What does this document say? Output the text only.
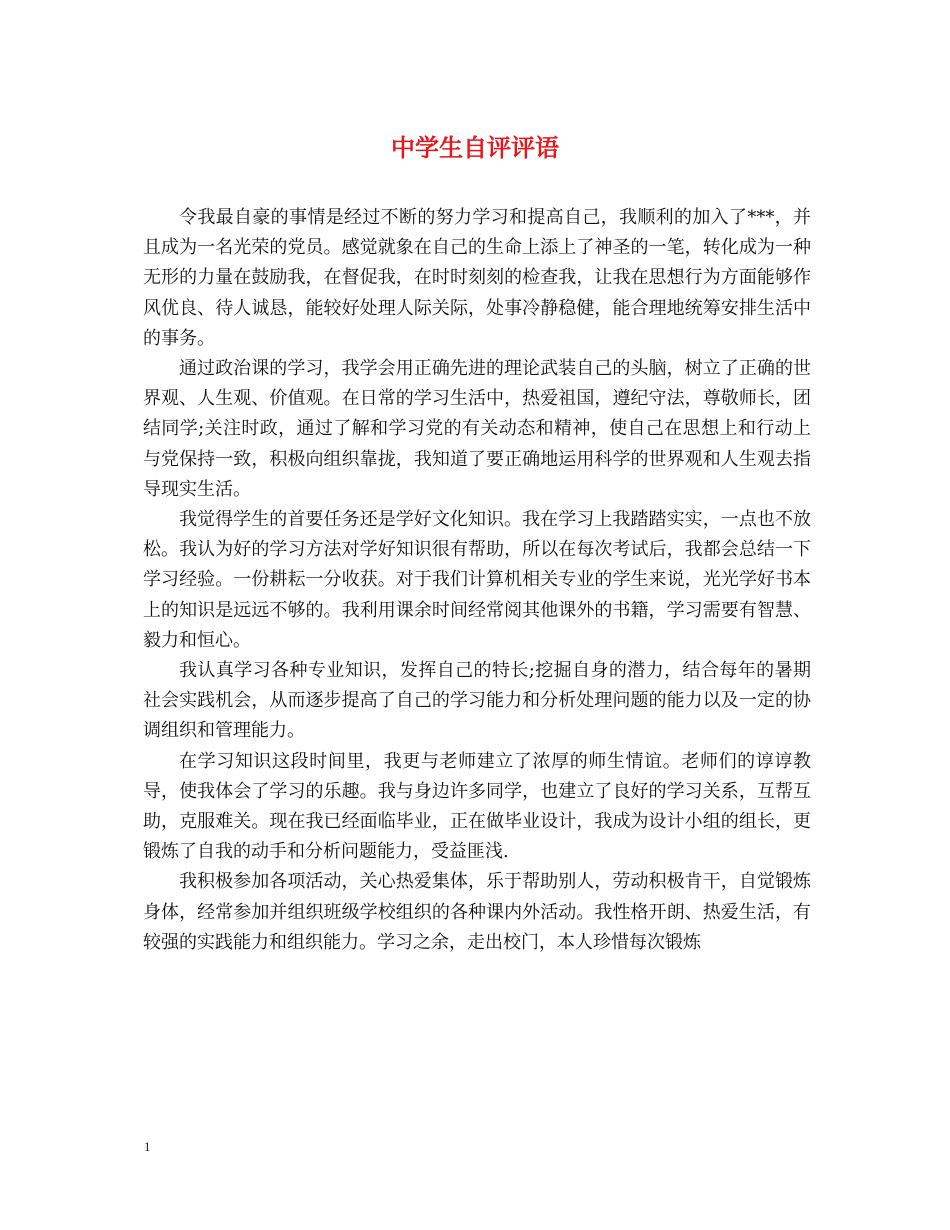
中学生自评评语

令我最自豪的事情是经过不断的努力学习和提高自己，我顺利的加入了***，并且成为一名光荣的党员。感觉就象在自己的生命上添上了神圣的一笔，转化成为一种无形的力量在鼓励我，在督促我，在时时刻刻的检查我，让我在思想行为方面能够作风优良、待人诚恳，能较好处理人际关际，处事冷静稳健，能合理地统筹安排生活中的事务。

通过政治课的学习，我学会用正确先进的理论武装自己的头脑，树立了正确的世界观、人生观、价值观。在日常的学习生活中，热爱祖国，遵纪守法，尊敬师长，团结同学;关注时政，通过了解和学习党的有关动态和精神，使自己在思想上和行动上与党保持一致，积极向组织靠拢，我知道了要正确地运用科学的世界观和人生观去指导现实生活。

我觉得学生的首要任务还是学好文化知识。我在学习上我踏踏实实，一点也不放松。我认为好的学习方法对学好知识很有帮助，所以在每次考试后，我都会总结一下学习经验。一份耕耘一分收获。对于我们计算机相关专业的学生来说，光光学好书本上的知识是远远不够的。我利用课余时间经常阅其他课外的书籍，学习需要有智慧、毅力和恒心。

我认真学习各种专业知识，发挥自己的特长;挖掘自身的潜力，结合每年的暑期社会实践机会，从而逐步提高了自己的学习能力和分析处理问题的能力以及一定的协调组织和管理能力。

在学习知识这段时间里，我更与老师建立了浓厚的师生情谊。老师们的谆谆教导，使我体会了学习的乐趣。我与身边许多同学，也建立了良好的学习关系，互帮互助，克服难关。现在我已经面临毕业，正在做毕业设计，我成为设计小组的组长，更锻炼了自我的动手和分析问题能力，受益匪浅.

我积极参加各项活动，关心热爱集体，乐于帮助别人，劳动积极肯干，自觉锻炼身体，经常参加并组织班级学校组织的各种课内外活动。我性格开朗、热爱生活，有较强的实践能力和组织能力。学习之余，走出校门，本人珍惜每次锻炼

1
